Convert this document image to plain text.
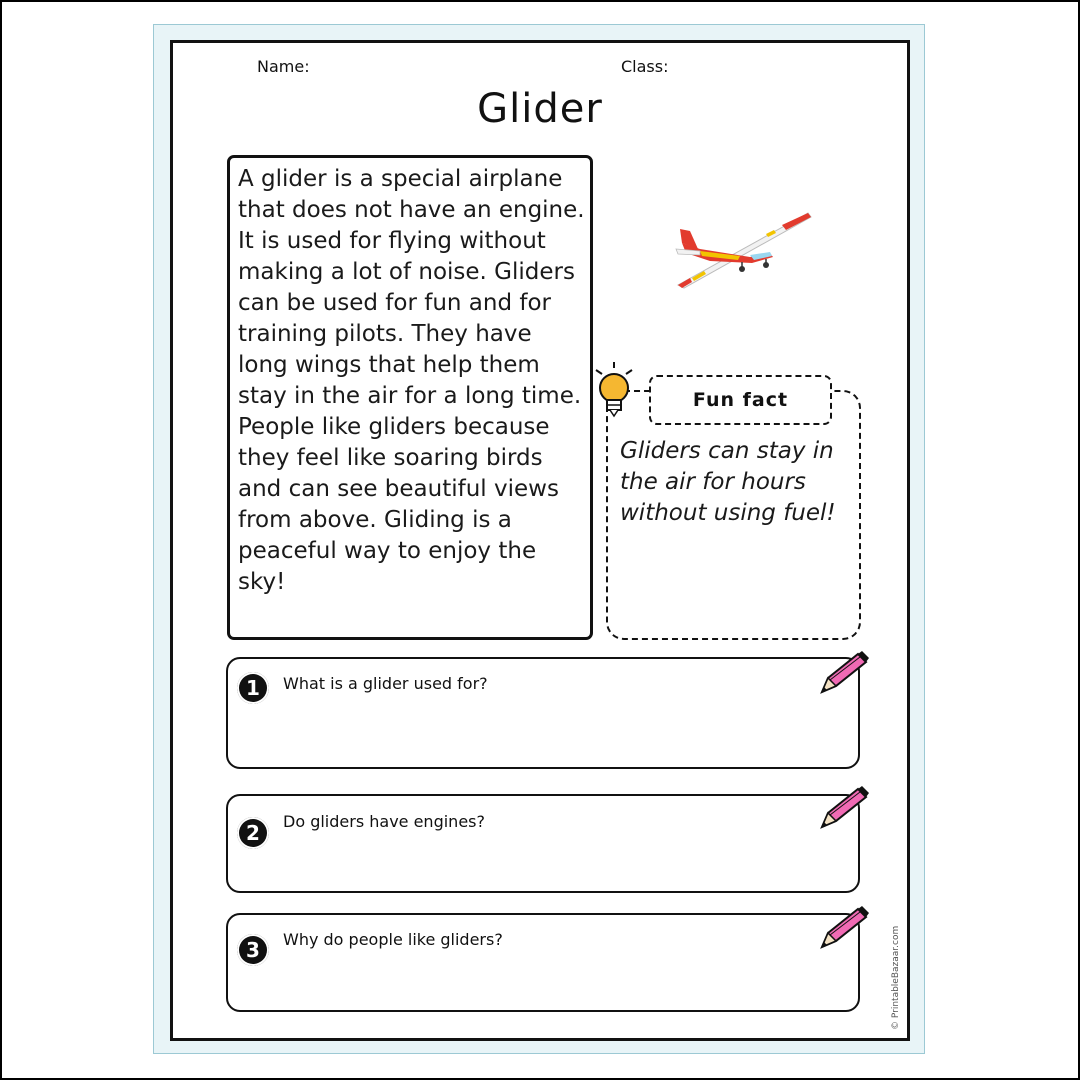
Name:	Class:
Glider
A glider is a special airplane that does not have an engine. It is used for flying without making a lot of noise. Gliders can be used for fun and for training pilots. They have long wings that help them stay in the air for a long time. People like gliders because they feel like soaring birds and can see beautiful views from above. Gliding is a peaceful way to enjoy the sky!
Fun fact
Gliders can stay in the air for hours without using fuel!
1	What is a glider used for?
2	Do gliders have engines?
3	Why do people like gliders?	© PrintableBazaar.com
